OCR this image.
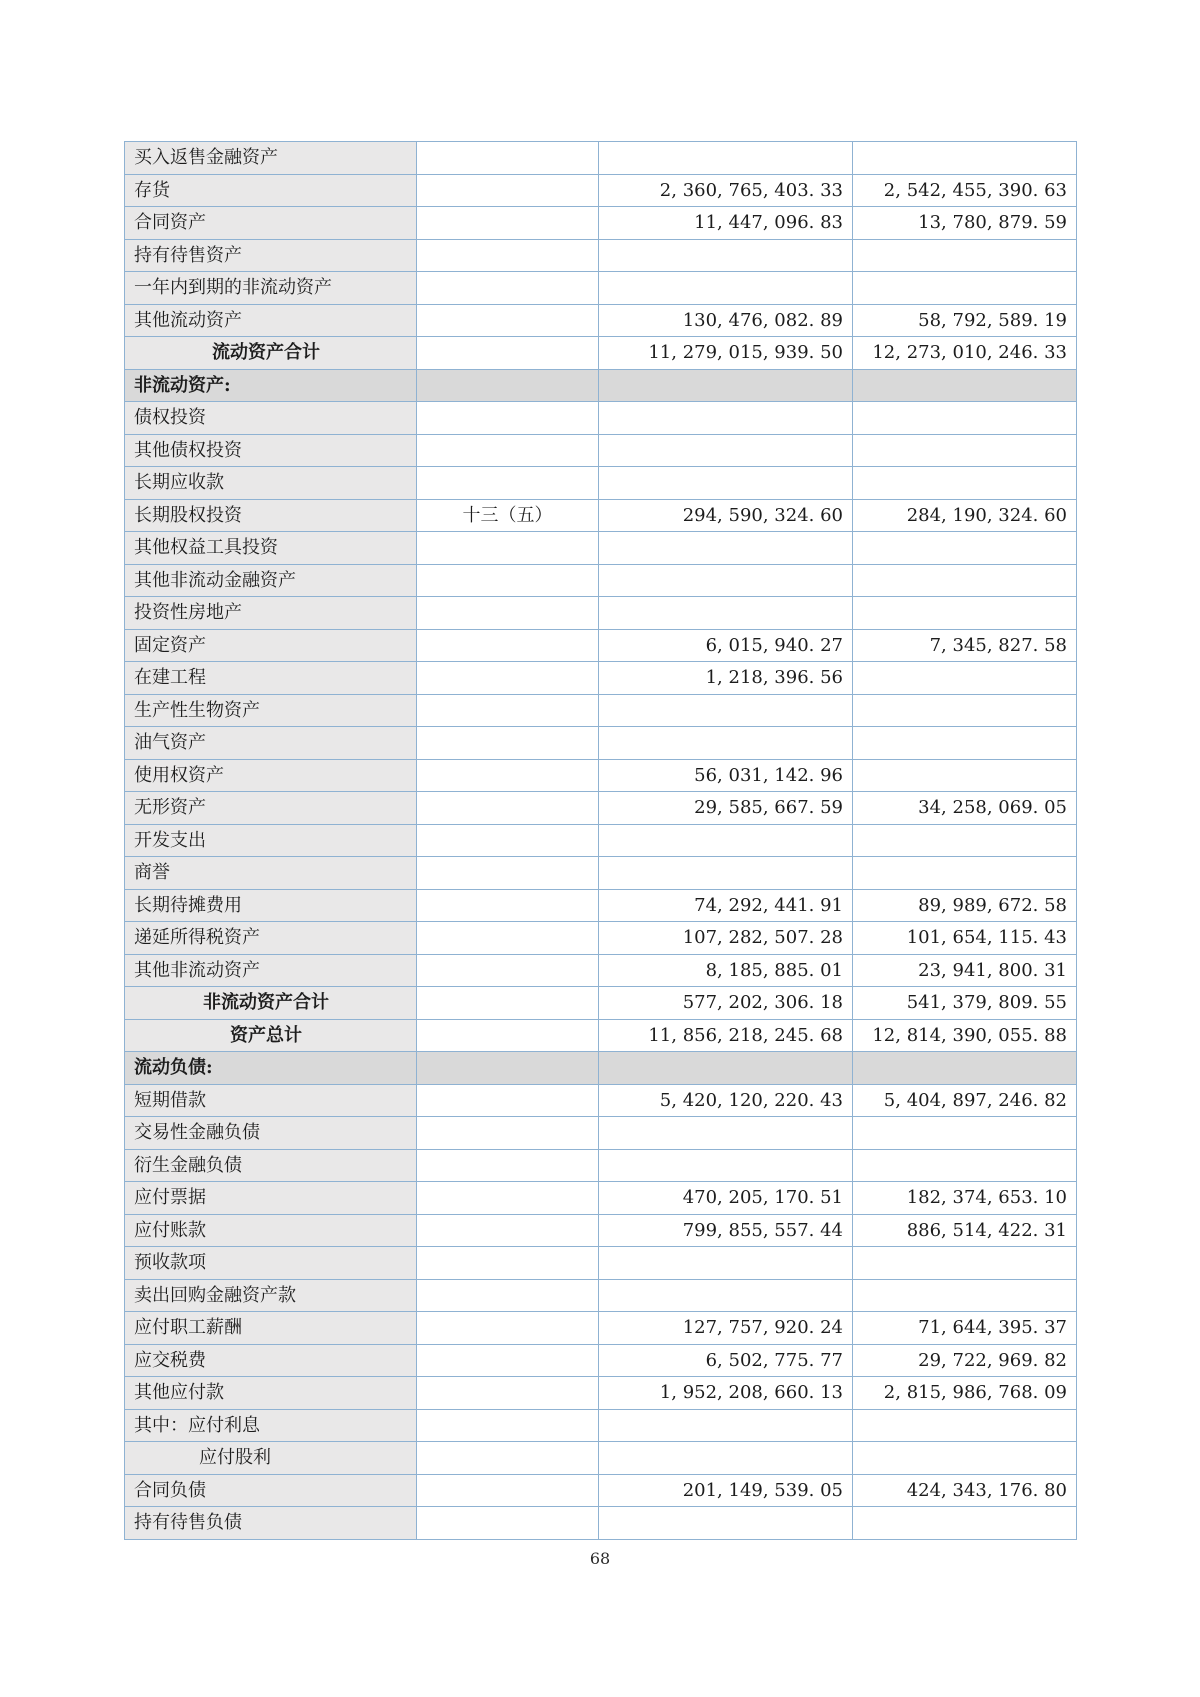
买入返售金融资产			
存货		2, 360, 765, 403. 33	2, 542, 455, 390. 63
合同资产		11, 447, 096. 83	13, 780, 879. 59
持有待售资产			
一年内到期的非流动资产			
其他流动资产		130, 476, 082. 89	58, 792, 589. 19
流动资产合计		11, 279, 015, 939. 50	12, 273, 010, 246. 33
非流动资产:			
债权投资			
其他债权投资			
长期应收款			
长期股权投资	十三（五）	294, 590, 324. 60	284, 190, 324. 60
其他权益工具投资			
其他非流动金融资产			
投资性房地产			
固定资产		6, 015, 940. 27	7, 345, 827. 58
在建工程		1, 218, 396. 56	
生产性生物资产			
油气资产			
使用权资产		56, 031, 142. 96	
无形资产		29, 585, 667. 59	34, 258, 069. 05
开发支出			
商誉			
长期待摊费用		74, 292, 441. 91	89, 989, 672. 58
递延所得税资产		107, 282, 507. 28	101, 654, 115. 43
其他非流动资产		8, 185, 885. 01	23, 941, 800. 31
非流动资产合计		577, 202, 306. 18	541, 379, 809. 55
资产总计		11, 856, 218, 245. 68	12, 814, 390, 055. 88
流动负债:			
短期借款		5, 420, 120, 220. 43	5, 404, 897, 246. 82
交易性金融负债			
衍生金融负债			
应付票据		470, 205, 170. 51	182, 374, 653. 10
应付账款		799, 855, 557. 44	886, 514, 422. 31
预收款项			
卖出回购金融资产款			
应付职工薪酬		127, 757, 920. 24	71, 644, 395. 37
应交税费		6, 502, 775. 77	29, 722, 969. 82
其他应付款		1, 952, 208, 660. 13	2, 815, 986, 768. 09
其中：应付利息			
应付股利			
合同负债		201, 149, 539. 05	424, 343, 176. 80
持有待售负债			
68
